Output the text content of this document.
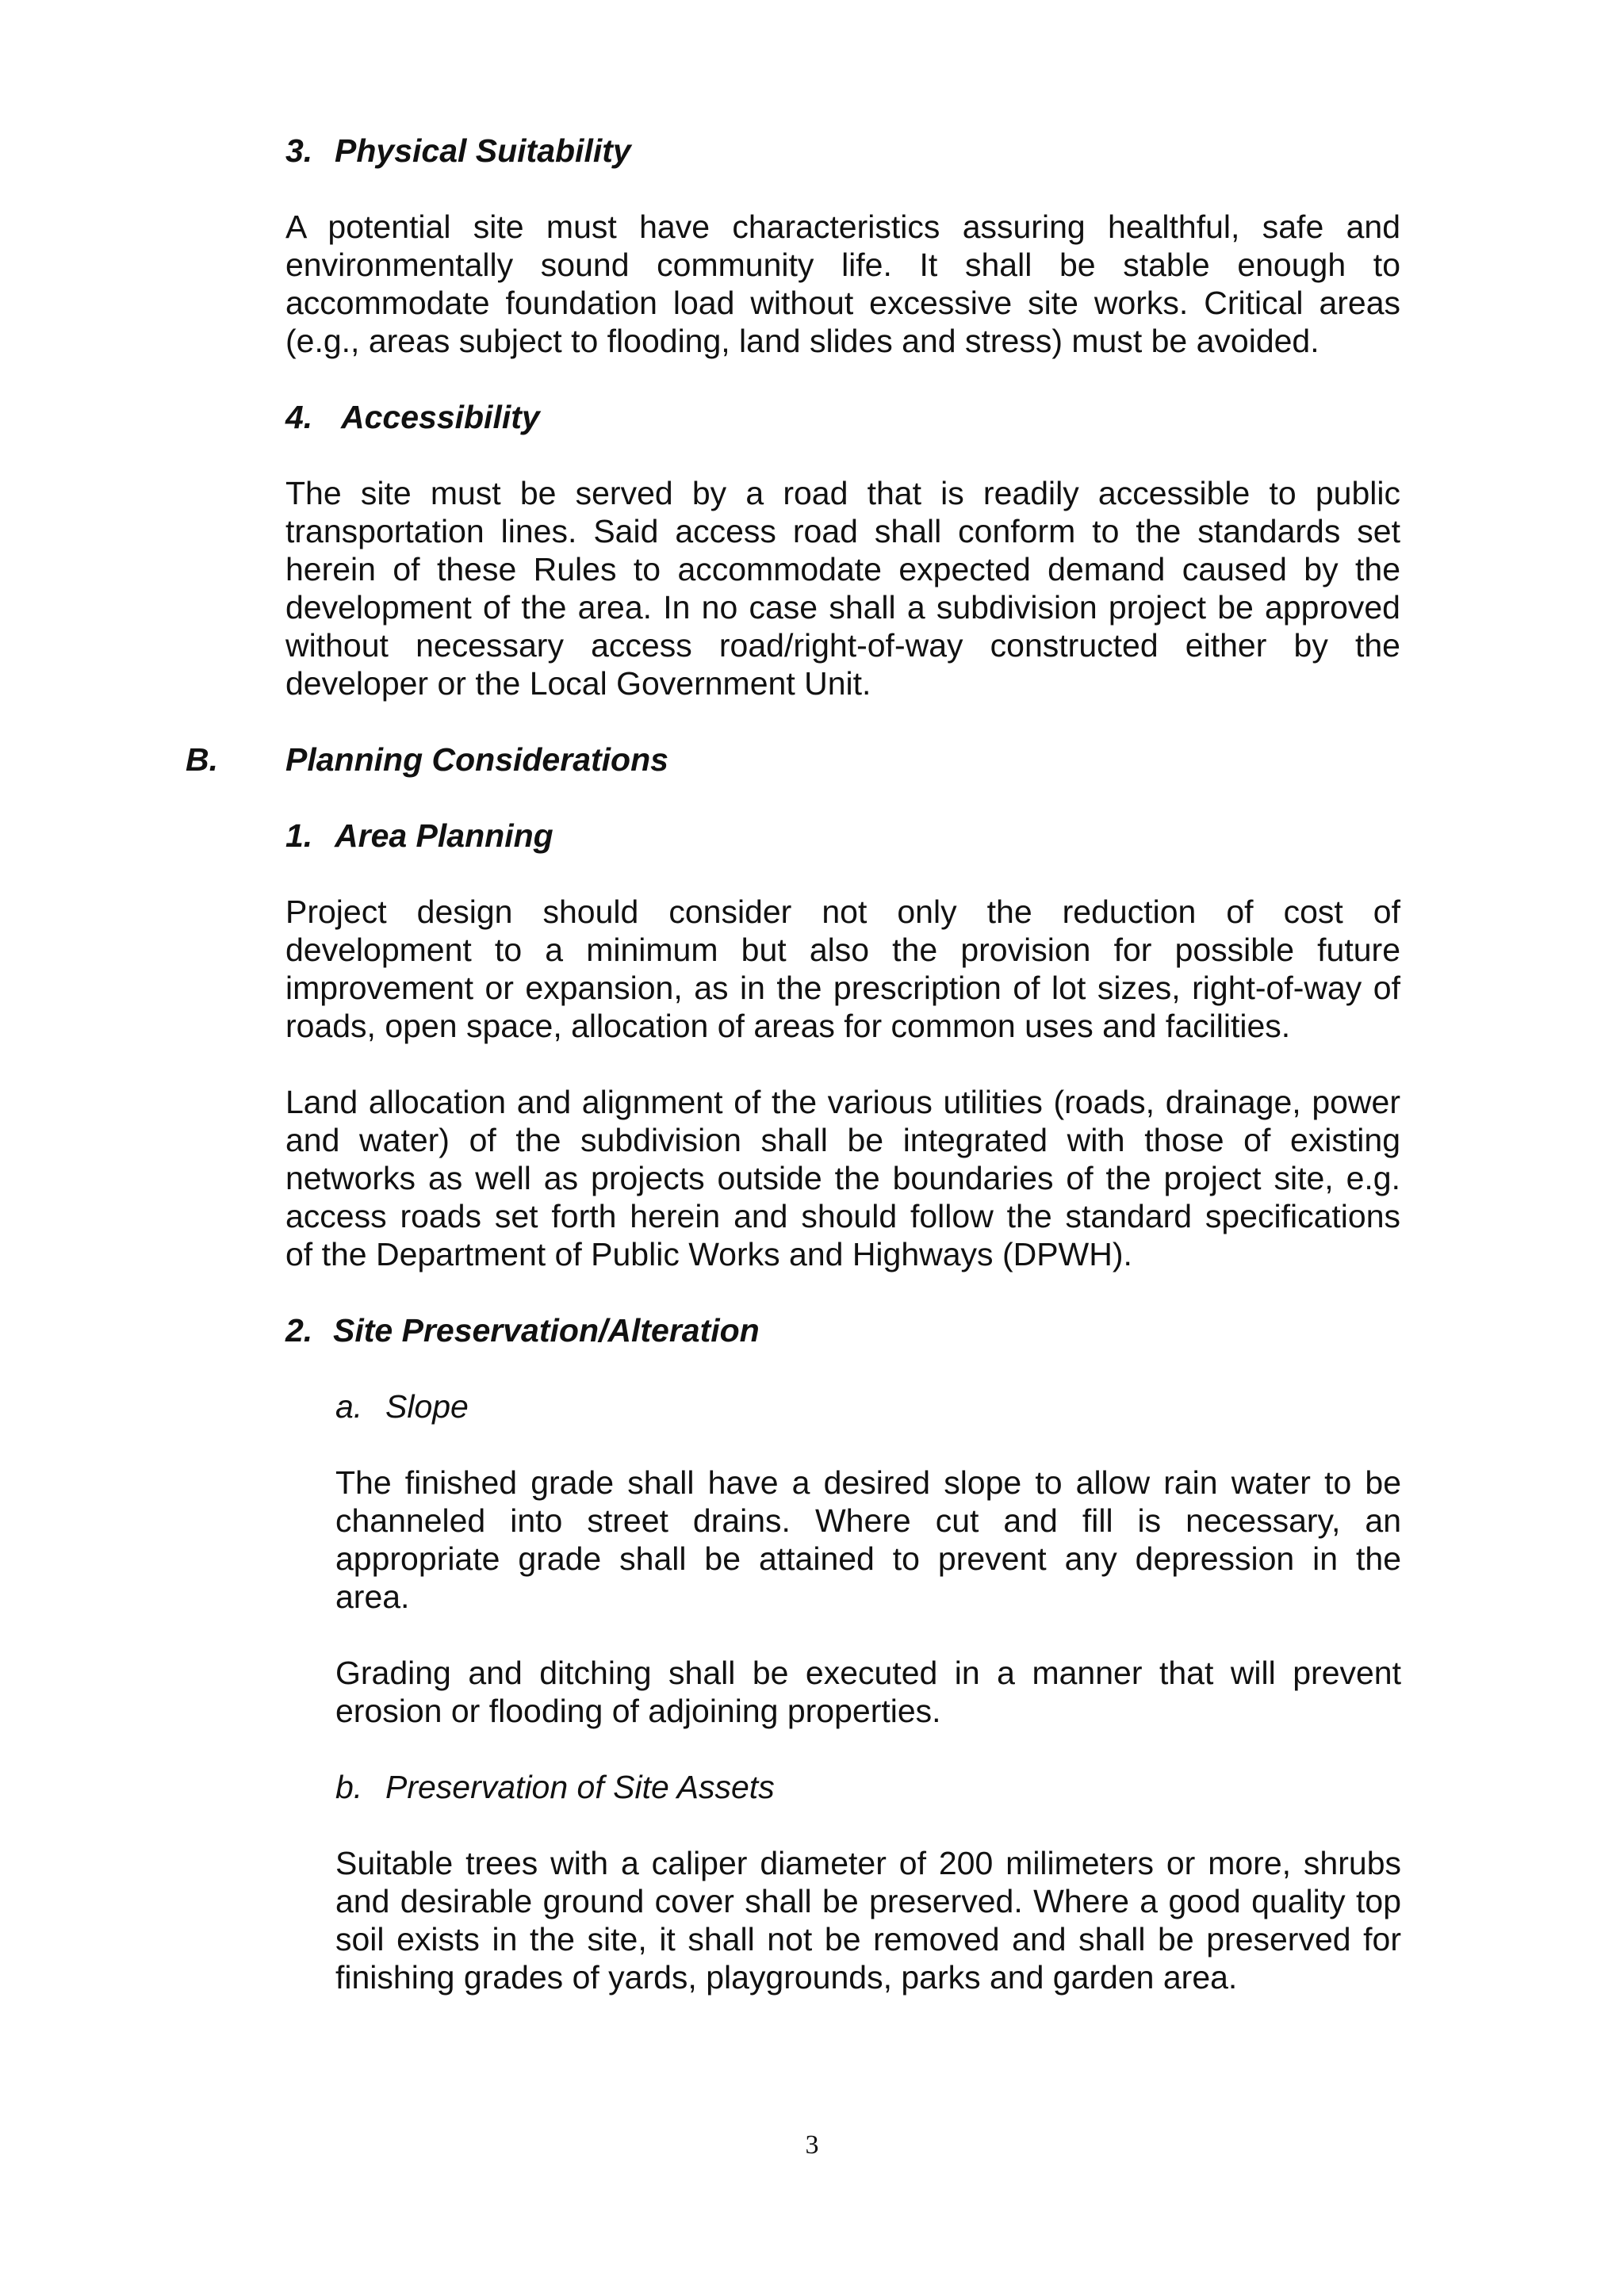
3. Physical Suitability
A potential site must have characteristics assuring healthful, safe and
environmentally sound community life. It shall be stable enough to
accommodate foundation load without excessive site works. Critical areas
(e.g., areas subject to flooding, land slides and stress) must be avoided.
4. Accessibility
The site must be served by a road that is readily accessible to public
transportation lines. Said access road shall conform to the standards set
herein of these Rules to accommodate expected demand caused by the
development of the area. In no case shall a subdivision project be approved
without necessary access road/right-of-way constructed either by the
developer or the Local Government Unit.
B. Planning Considerations
1. Area Planning
Project design should consider not only the reduction of cost of
development to a minimum but also the provision for possible future
improvement or expansion, as in the prescription of lot sizes, right-of-way of
roads, open space, allocation of areas for common uses and facilities.
Land allocation and alignment of the various utilities (roads, drainage, power
and water) of the subdivision shall be integrated with those of existing
networks as well as projects outside the boundaries of the project site, e.g.
access roads set forth herein and should follow the standard specifications
of the Department of Public Works and Highways (DPWH).
2. Site Preservation/Alteration
a. Slope
The finished grade shall have a desired slope to allow rain water to be
channeled into street drains. Where cut and fill is necessary, an
appropriate grade shall be attained to prevent any depression in the
area.
Grading and ditching shall be executed in a manner that will prevent
erosion or flooding of adjoining properties.
b. Preservation of Site Assets
Suitable trees with a caliper diameter of 200 milimeters or more, shrubs
and desirable ground cover shall be preserved. Where a good quality top
soil exists in the site, it shall not be removed and shall be preserved for
finishing grades of yards, playgrounds, parks and garden area.
3
